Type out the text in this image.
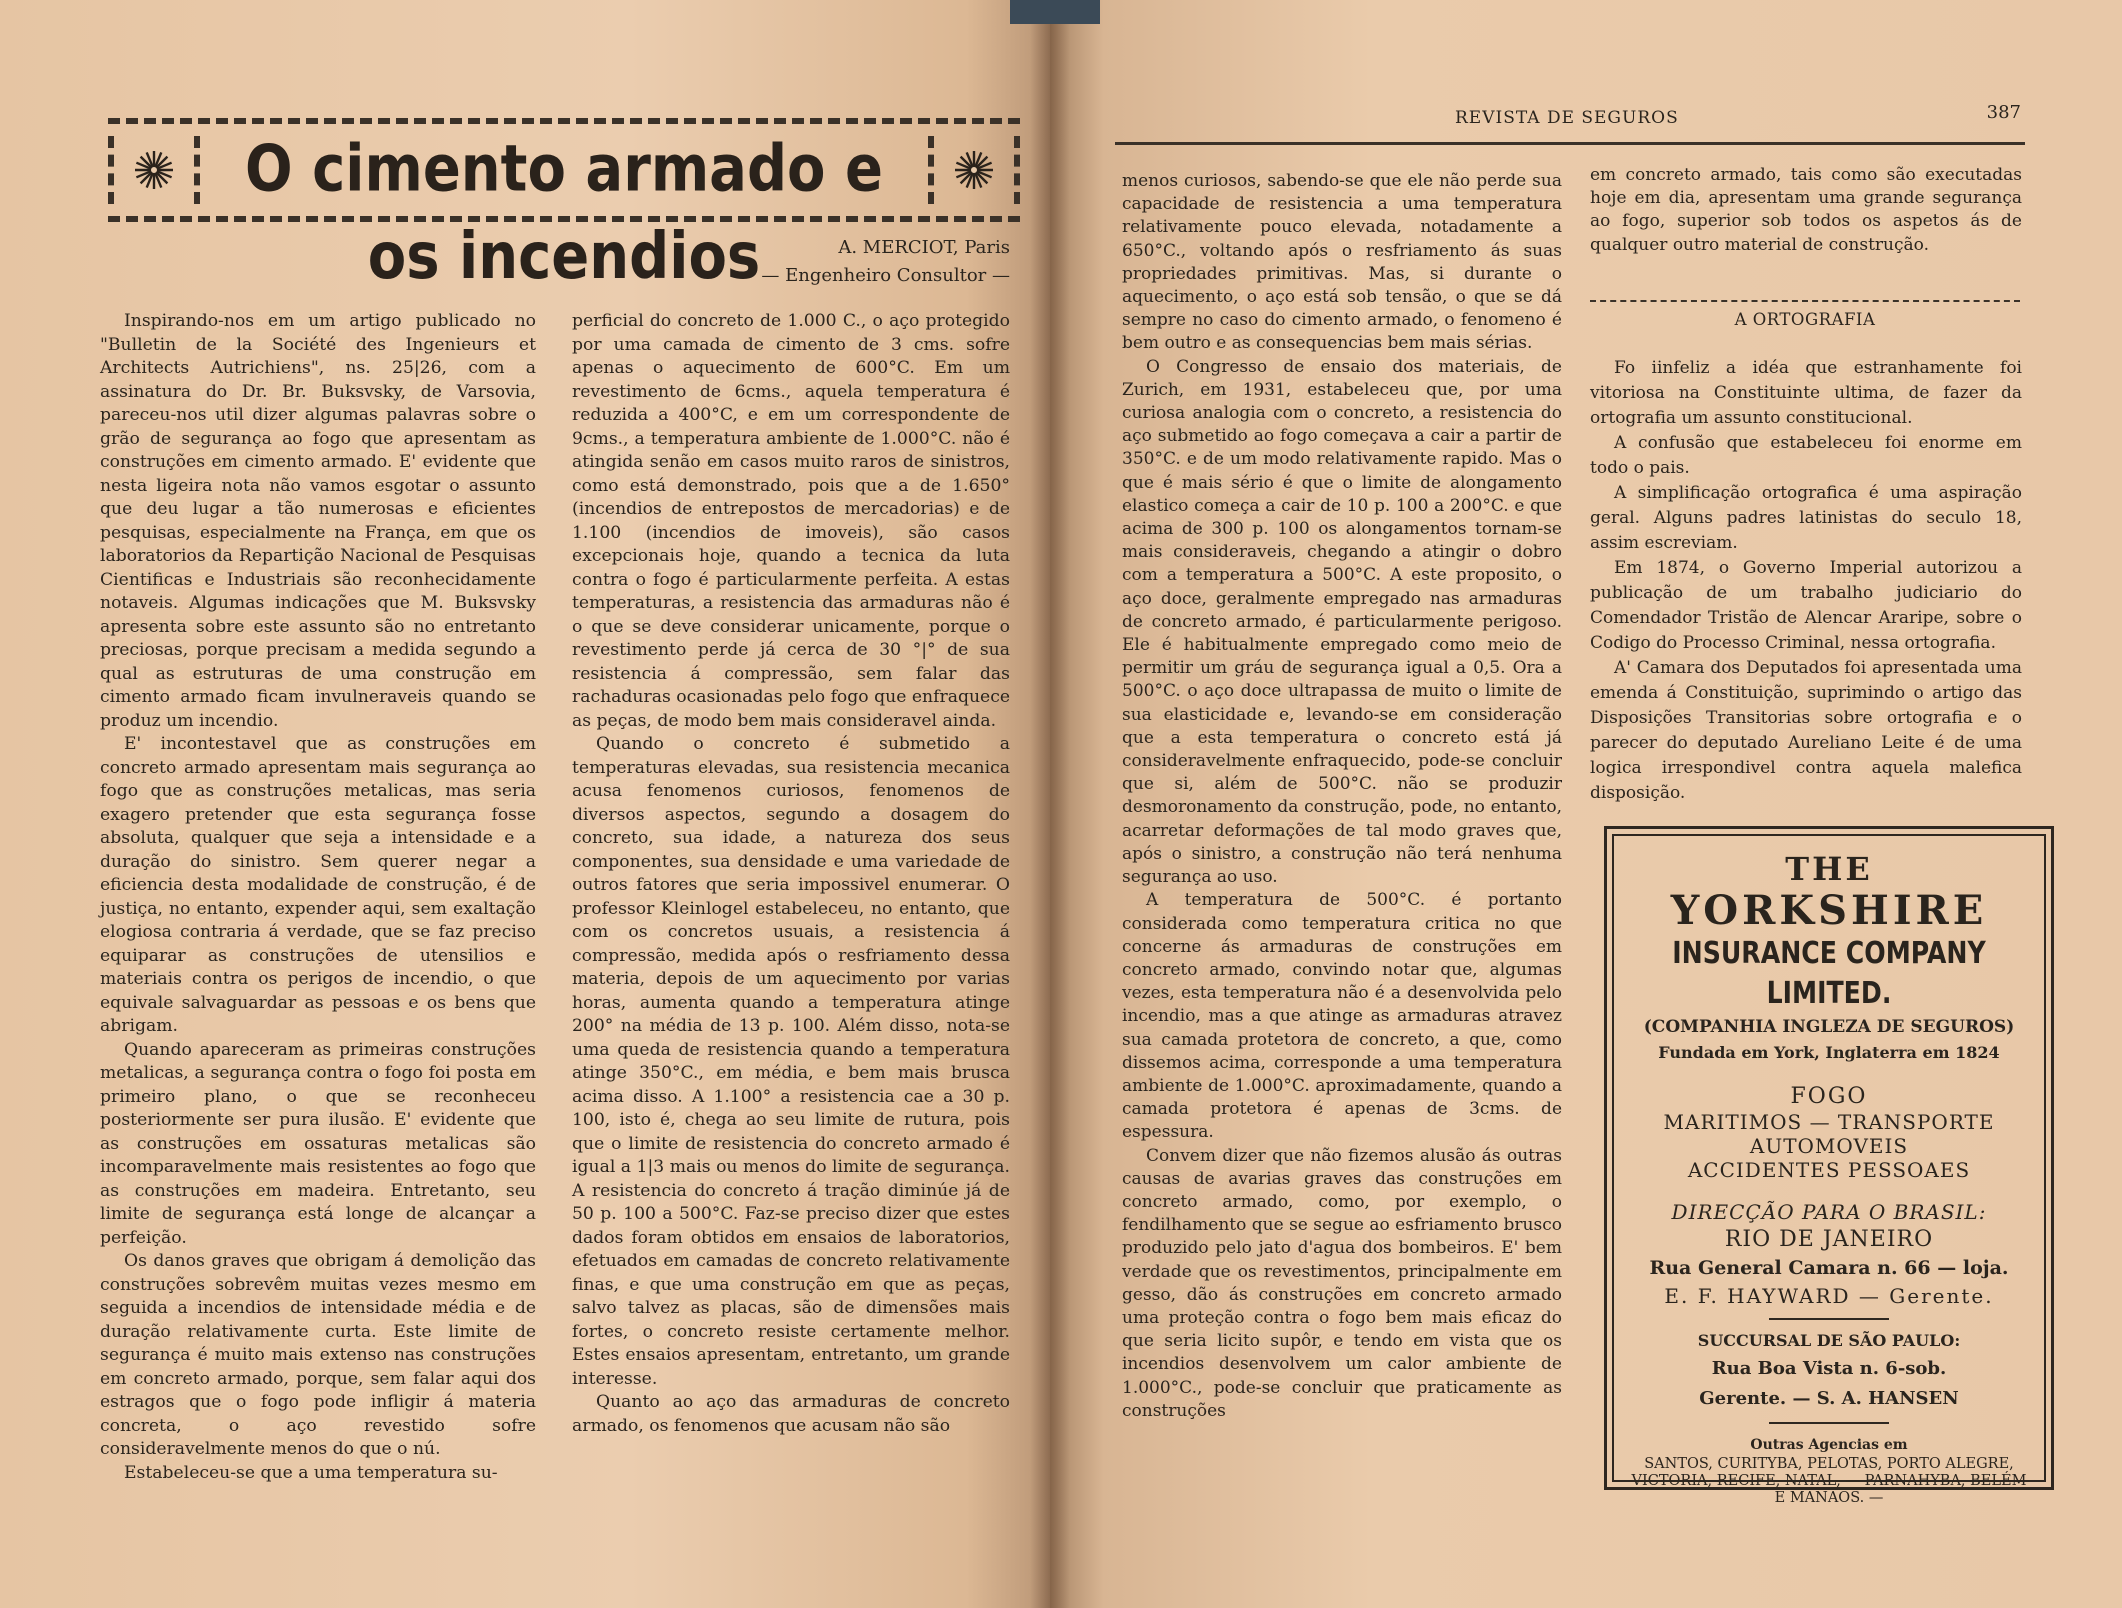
O cimento armado e os incendios	A. MERCIOT, Paris
— Engenheiro Consultor —

Inspirando-nos em um artigo publicado no "Bulletin de la Société des Ingenieurs et Architects Autrichiens", ns. 25|26, com a assinatura do Dr. Br. Buksvsky, de Varsovia, pareceu-nos util dizer algumas palavras sobre o grão de segurança ao fogo que apresentam as construções em cimento armado. E' evidente que nesta ligeira nota não vamos esgotar o assunto que deu lugar a tão numerosas e eficientes pesquisas, especialmente na França, em que os laboratorios da Repartição Nacional de Pesquisas Cientificas e Industriais são reconhecidamente notaveis. Algumas indicações que M. Buksvsky apresenta sobre este assunto são no entretanto preciosas, porque precisam a medida segundo a qual as estruturas de uma construção em cimento armado ficam invulneraveis quando se produz um incendio.

E' incontestavel que as construções em concreto armado apresentam mais segurança ao fogo que as construções metalicas, mas seria exagero pretender que esta segurança fosse absoluta, qualquer que seja a intensidade e a duração do sinistro. Sem querer negar a eficiencia desta modalidade de construção, é de justiça, no entanto, expender aqui, sem exaltação elogiosa contraria á verdade, que se faz preciso equiparar as construções de utensilios e materiais contra os perigos de incendio, o que equivale salvaguardar as pessoas e os bens que abrigam.

Quando apareceram as primeiras construções metalicas, a segurança contra o fogo foi posta em primeiro plano, o que se reconheceu posteriormente ser pura ilusão. E' evidente que as construções em ossaturas metalicas são incomparavelmente mais resistentes ao fogo que as construções em madeira. Entretanto, seu limite de segurança está longe de alcançar a perfeição.

Os danos graves que obrigam á demolição das construções sobrevêm muitas vezes mesmo em seguida a incendios de intensidade média e de duração relativamente curta. Este limite de segurança é muito mais extenso nas construções em concreto armado, porque, sem falar aqui dos estragos que o fogo pode infligir á materia concreta, o aço revestido sofre consideravelmente menos do que o nú.

Estabeleceu-se que a uma temperatura su-

perficial do concreto de 1.000 C., o aço protegido por uma camada de cimento de 3 cms. sofre apenas o aquecimento de 600°C. Em um revestimento de 6cms., aquela temperatura é reduzida a 400°C, e em um correspondente de 9cms., a temperatura ambiente de 1.000°C. não é atingida senão em casos muito raros de sinistros, como está demonstrado, pois que a de 1.650° (incendios de entrepostos de mercadorias) e de 1.100 (incendios de imoveis), são casos excepcionais hoje, quando a tecnica da luta contra o fogo é particularmente perfeita. A estas temperaturas, a resistencia das armaduras não é o que se deve considerar unicamente, porque o revestimento perde já cerca de 30 °|° de sua resistencia á compressão, sem falar das rachaduras ocasionadas pelo fogo que enfraquece as peças, de modo bem mais consideravel ainda.

Quando o concreto é submetido a temperaturas elevadas, sua resistencia mecanica acusa fenomenos curiosos, fenomenos de diversos aspectos, segundo a dosagem do concreto, sua idade, a natureza dos seus componentes, sua densidade e uma variedade de outros fatores que seria impossivel enumerar. O professor Kleinlogel estabeleceu, no entanto, que com os concretos usuais, a resistencia á compressão, medida após o resfriamento dessa materia, depois de um aquecimento por varias horas, aumenta quando a temperatura atinge 200° na média de 13 p. 100. Além disso, nota-se uma queda de resistencia quando a temperatura atinge 350°C., em média, e bem mais brusca acima disso. A 1.100° a resistencia cae a 30 p. 100, isto é, chega ao seu limite de rutura, pois que o limite de resistencia do concreto armado é igual a 1|3 mais ou menos do limite de segurança. A resistencia do concreto á tração diminúe já de 50 p. 100 a 500°C. Faz-se preciso dizer que estes dados foram obtidos em ensaios de laboratorios, efetuados em camadas de concreto relativamente finas, e que uma construção em que as peças, salvo talvez as placas, são de dimensões mais fortes, o concreto resiste certamente melhor. Estes ensaios apresentam, entretanto, um grande interesse.

Quanto ao aço das armaduras de concreto armado, os fenomenos que acusam não são

REVISTA DE SEGUROS	387

menos curiosos, sabendo-se que ele não perde sua capacidade de resistencia a uma temperatura relativamente pouco elevada, notadamente a 650°C., voltando após o resfriamento ás suas propriedades primitivas. Mas, si durante o aquecimento, o aço está sob tensão, o que se dá sempre no caso do cimento armado, o fenomeno é bem outro e as consequencias bem mais sérias.

O Congresso de ensaio dos materiais, de Zurich, em 1931, estabeleceu que, por uma curiosa analogia com o concreto, a resistencia do aço submetido ao fogo começava a cair a partir de 350°C. e de um modo relativamente rapido. Mas o que é mais sério é que o limite de alongamento elastico começa a cair de 10 p. 100 a 200°C. e que acima de 300 p. 100 os alongamentos tornam-se mais consideraveis, chegando a atingir o dobro com a temperatura a 500°C. A este proposito, o aço doce, geralmente empregado nas armaduras de concreto armado, é particularmente perigoso. Ele é habitualmente empregado como meio de permitir um gráu de segurança igual a 0,5. Ora a 500°C. o aço doce ultrapassa de muito o limite de sua elasticidade e, levando-se em consideração que a esta temperatura o concreto está já consideravelmente enfraquecido, pode-se concluir que si, além de 500°C. não se produzir desmoronamento da construção, pode, no entanto, acarretar deformações de tal modo graves que, após o sinistro, a construção não terá nenhuma segurança ao uso.

A temperatura de 500°C. é portanto considerada como temperatura critica no que concerne ás armaduras de construções em concreto armado, convindo notar que, algumas vezes, esta temperatura não é a desenvolvida pelo incendio, mas a que atinge as armaduras atravez sua camada protetora de concreto, a que, como dissemos acima, corresponde a uma temperatura ambiente de 1.000°C. aproximadamente, quando a camada protetora é apenas de 3cms. de espessura.

Convem dizer que não fizemos alusão ás outras causas de avarias graves das construções em concreto armado, como, por exemplo, o fendilhamento que se segue ao esfriamento brusco produzido pelo jato d'agua dos bombeiros. E' bem verdade que os revestimentos, principalmente em gesso, dão ás construções em concreto armado uma proteção contra o fogo bem mais eficaz do que seria licito supôr, e tendo em vista que os incendios desenvolvem um calor ambiente de 1.000°C., pode-se concluir que praticamente as construções

em concreto armado, tais como são executadas hoje em dia, apresentam uma grande segurança ao fogo, superior sob todos os aspetos ás de qualquer outro material de construção.

A ORTOGRAFIA

Fo iinfeliz a idéa que estranhamente foi vitoriosa na Constituinte ultima, de fazer da ortografia um assunto constitucional.

A confusão que estabeleceu foi enorme em todo o pais.

A simplificação ortografica é uma aspiração geral. Alguns padres latinistas do seculo 18, assim escreviam.

Em 1874, o Governo Imperial autorizou a publicação de um trabalho judiciario do Comendador Tristão de Alencar Araripe, sobre o Codigo do Processo Criminal, nessa ortografia.

A' Camara dos Deputados foi apresentada uma emenda á Constituição, suprimindo o artigo das Disposições Transitorias sobre ortografia e o parecer do deputado Aureliano Leite é de uma logica irrespondivel contra aquela malefica disposição.

THE
YORKSHIRE
INSURANCE COMPANY LIMITED.
(COMPANHIA INGLEZA DE SEGUROS)
Fundada em York, Inglaterra em 1824
FOGO
MARITIMOS — TRANSPORTE
AUTOMOVEIS
ACCIDENTES PESSOAES
DIRECÇÃO PARA O BRASIL:
RIO DE JANEIRO
Rua General Camara n. 66 — loja.
E. F. HAYWARD — Gerente.
SUCCURSAL DE SÃO PAULO:
Rua Boa Vista n. 6-sob.
Gerente. — S. A. HANSEN
Outras Agencias em
SANTOS, CURITYBA, PELOTAS, PORTO ALEGRE, VICTORIA, RECIFE, NATAL, — PARNAHYBA, BELÉM E MANAOS. —
